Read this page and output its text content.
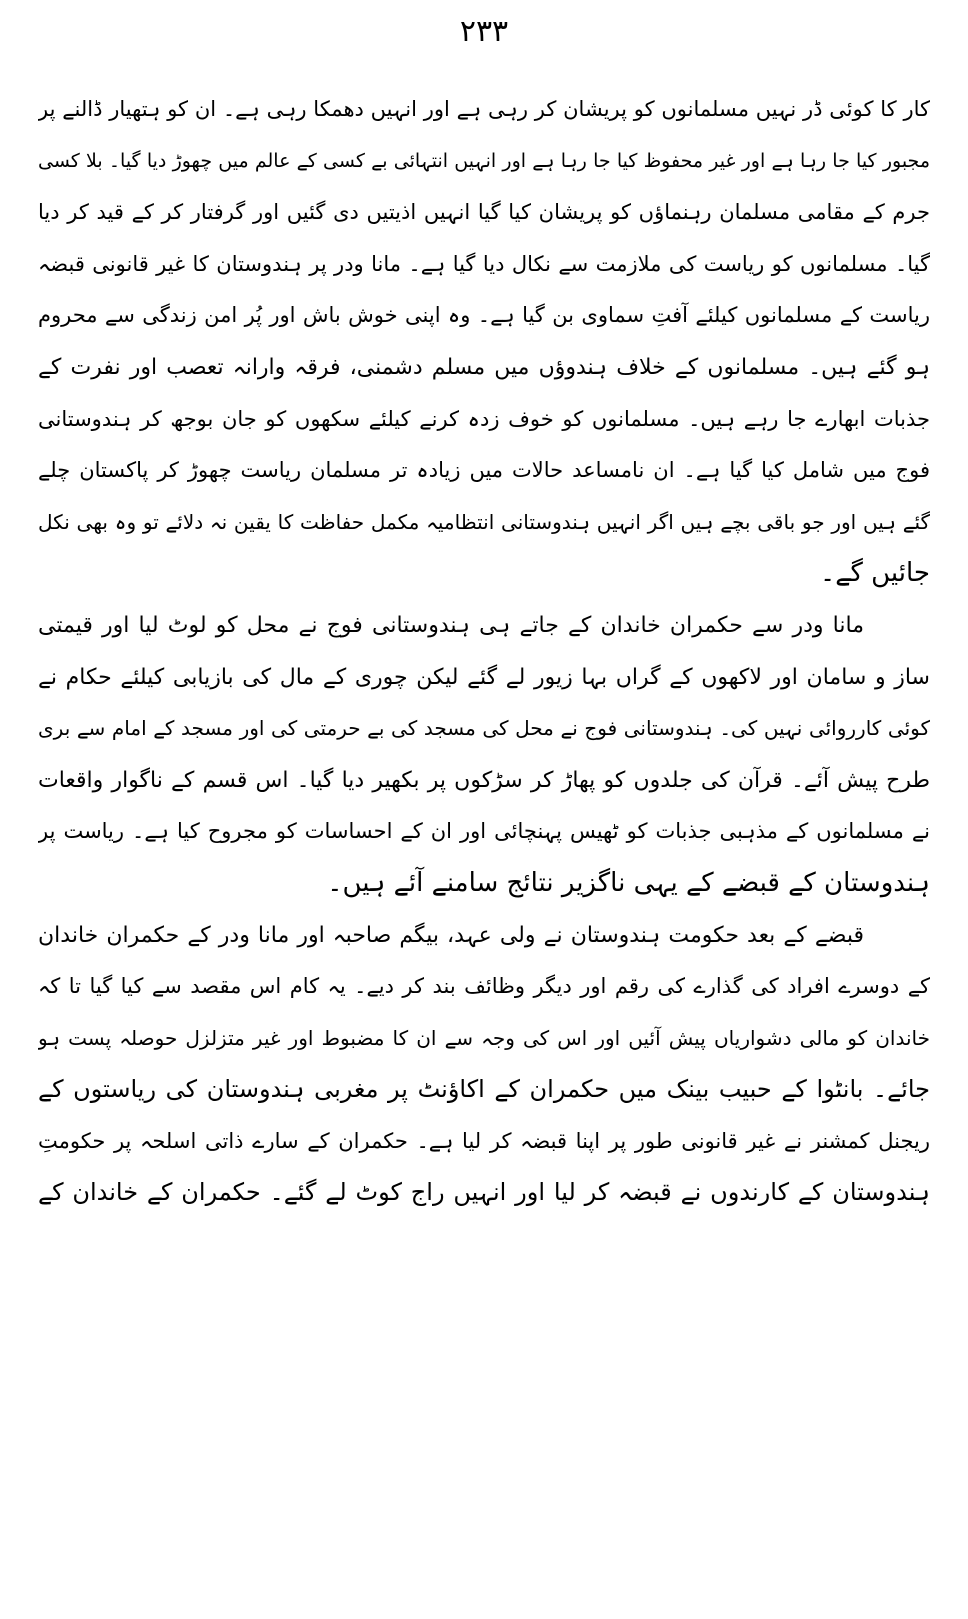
۲۳۳
کار کا کوئی ڈر نہیں مسلمانوں کو پریشان کر رہی ہے اور انہیں دھمکا رہی ہے۔ ان کو ہتھیار ڈالنے پر
مجبور کیا جا رہا ہے اور غیر محفوظ کیا جا رہا ہے اور انہیں انتہائی بے کسی کے عالم میں چھوڑ دیا گیا۔ بلا کسی
جرم کے مقامی مسلمان رہنماؤں کو پریشان کیا گیا انہیں اذیتیں دی گئیں اور گرفتار کر کے قید کر دیا
گیا۔ مسلمانوں کو ریاست کی ملازمت سے نکال دیا گیا ہے۔ مانا ودر پر ہندوستان کا غیر قانونی قبضہ
ریاست کے مسلمانوں کیلئے آفتِ سماوی بن گیا ہے۔ وہ اپنی خوش باش اور پُر امن زندگی سے محروم
ہو گئے ہیں۔ مسلمانوں کے خلاف ہندوؤں میں مسلم دشمنی، فرقہ وارانہ تعصب اور نفرت کے
جذبات ابھارے جا رہے ہیں۔ مسلمانوں کو خوف زدہ کرنے کیلئے سکھوں کو جان بوجھ کر ہندوستانی
فوج میں شامل کیا گیا ہے۔ ان نامساعد حالات میں زیادہ تر مسلمان ریاست چھوڑ کر پاکستان چلے
گئے ہیں اور جو باقی بچے ہیں اگر انہیں ہندوستانی انتظامیہ مکمل حفاظت کا یقین نہ دلائے تو وہ بھی نکل
جائیں گے۔
مانا ودر سے حکمران خاندان کے جاتے ہی ہندوستانی فوج نے محل کو لوٹ لیا اور قیمتی
ساز و سامان اور لاکھوں کے گراں بہا زیور لے گئے لیکن چوری کے مال کی بازیابی کیلئے حکام نے
کوئی کارروائی نہیں کی۔ ہندوستانی فوج نے محل کی مسجد کی بے حرمتی کی اور مسجد کے امام سے بری
طرح پیش آئے۔ قرآن کی جلدوں کو پھاڑ کر سڑکوں پر بکھیر دیا گیا۔ اس قسم کے ناگوار واقعات
نے مسلمانوں کے مذہبی جذبات کو ٹھیس پہنچائی اور ان کے احساسات کو مجروح کیا ہے۔ ریاست پر
ہندوستان کے قبضے کے یہی ناگزیر نتائج سامنے آئے ہیں۔
قبضے کے بعد حکومت ہندوستان نے ولی عہد، بیگم صاحبہ اور مانا ودر کے حکمران خاندان
کے دوسرے افراد کی گذارے کی رقم اور دیگر وظائف بند کر دیے۔ یہ کام اس مقصد سے کیا گیا تا کہ
خاندان کو مالی دشواریاں پیش آئیں اور اس کی وجہ سے ان کا مضبوط اور غیر متزلزل حوصلہ پست ہو
جائے۔ بانٹوا کے حبیب بینک میں حکمران کے اکاؤنٹ پر مغربی ہندوستان کی ریاستوں کے
ریجنل کمشنر نے غیر قانونی طور پر اپنا قبضہ کر لیا ہے۔ حکمران کے سارے ذاتی اسلحہ پر حکومتِ
ہندوستان کے کارندوں نے قبضہ کر لیا اور انہیں راج کوٹ لے گئے۔ حکمران کے خاندان کے
